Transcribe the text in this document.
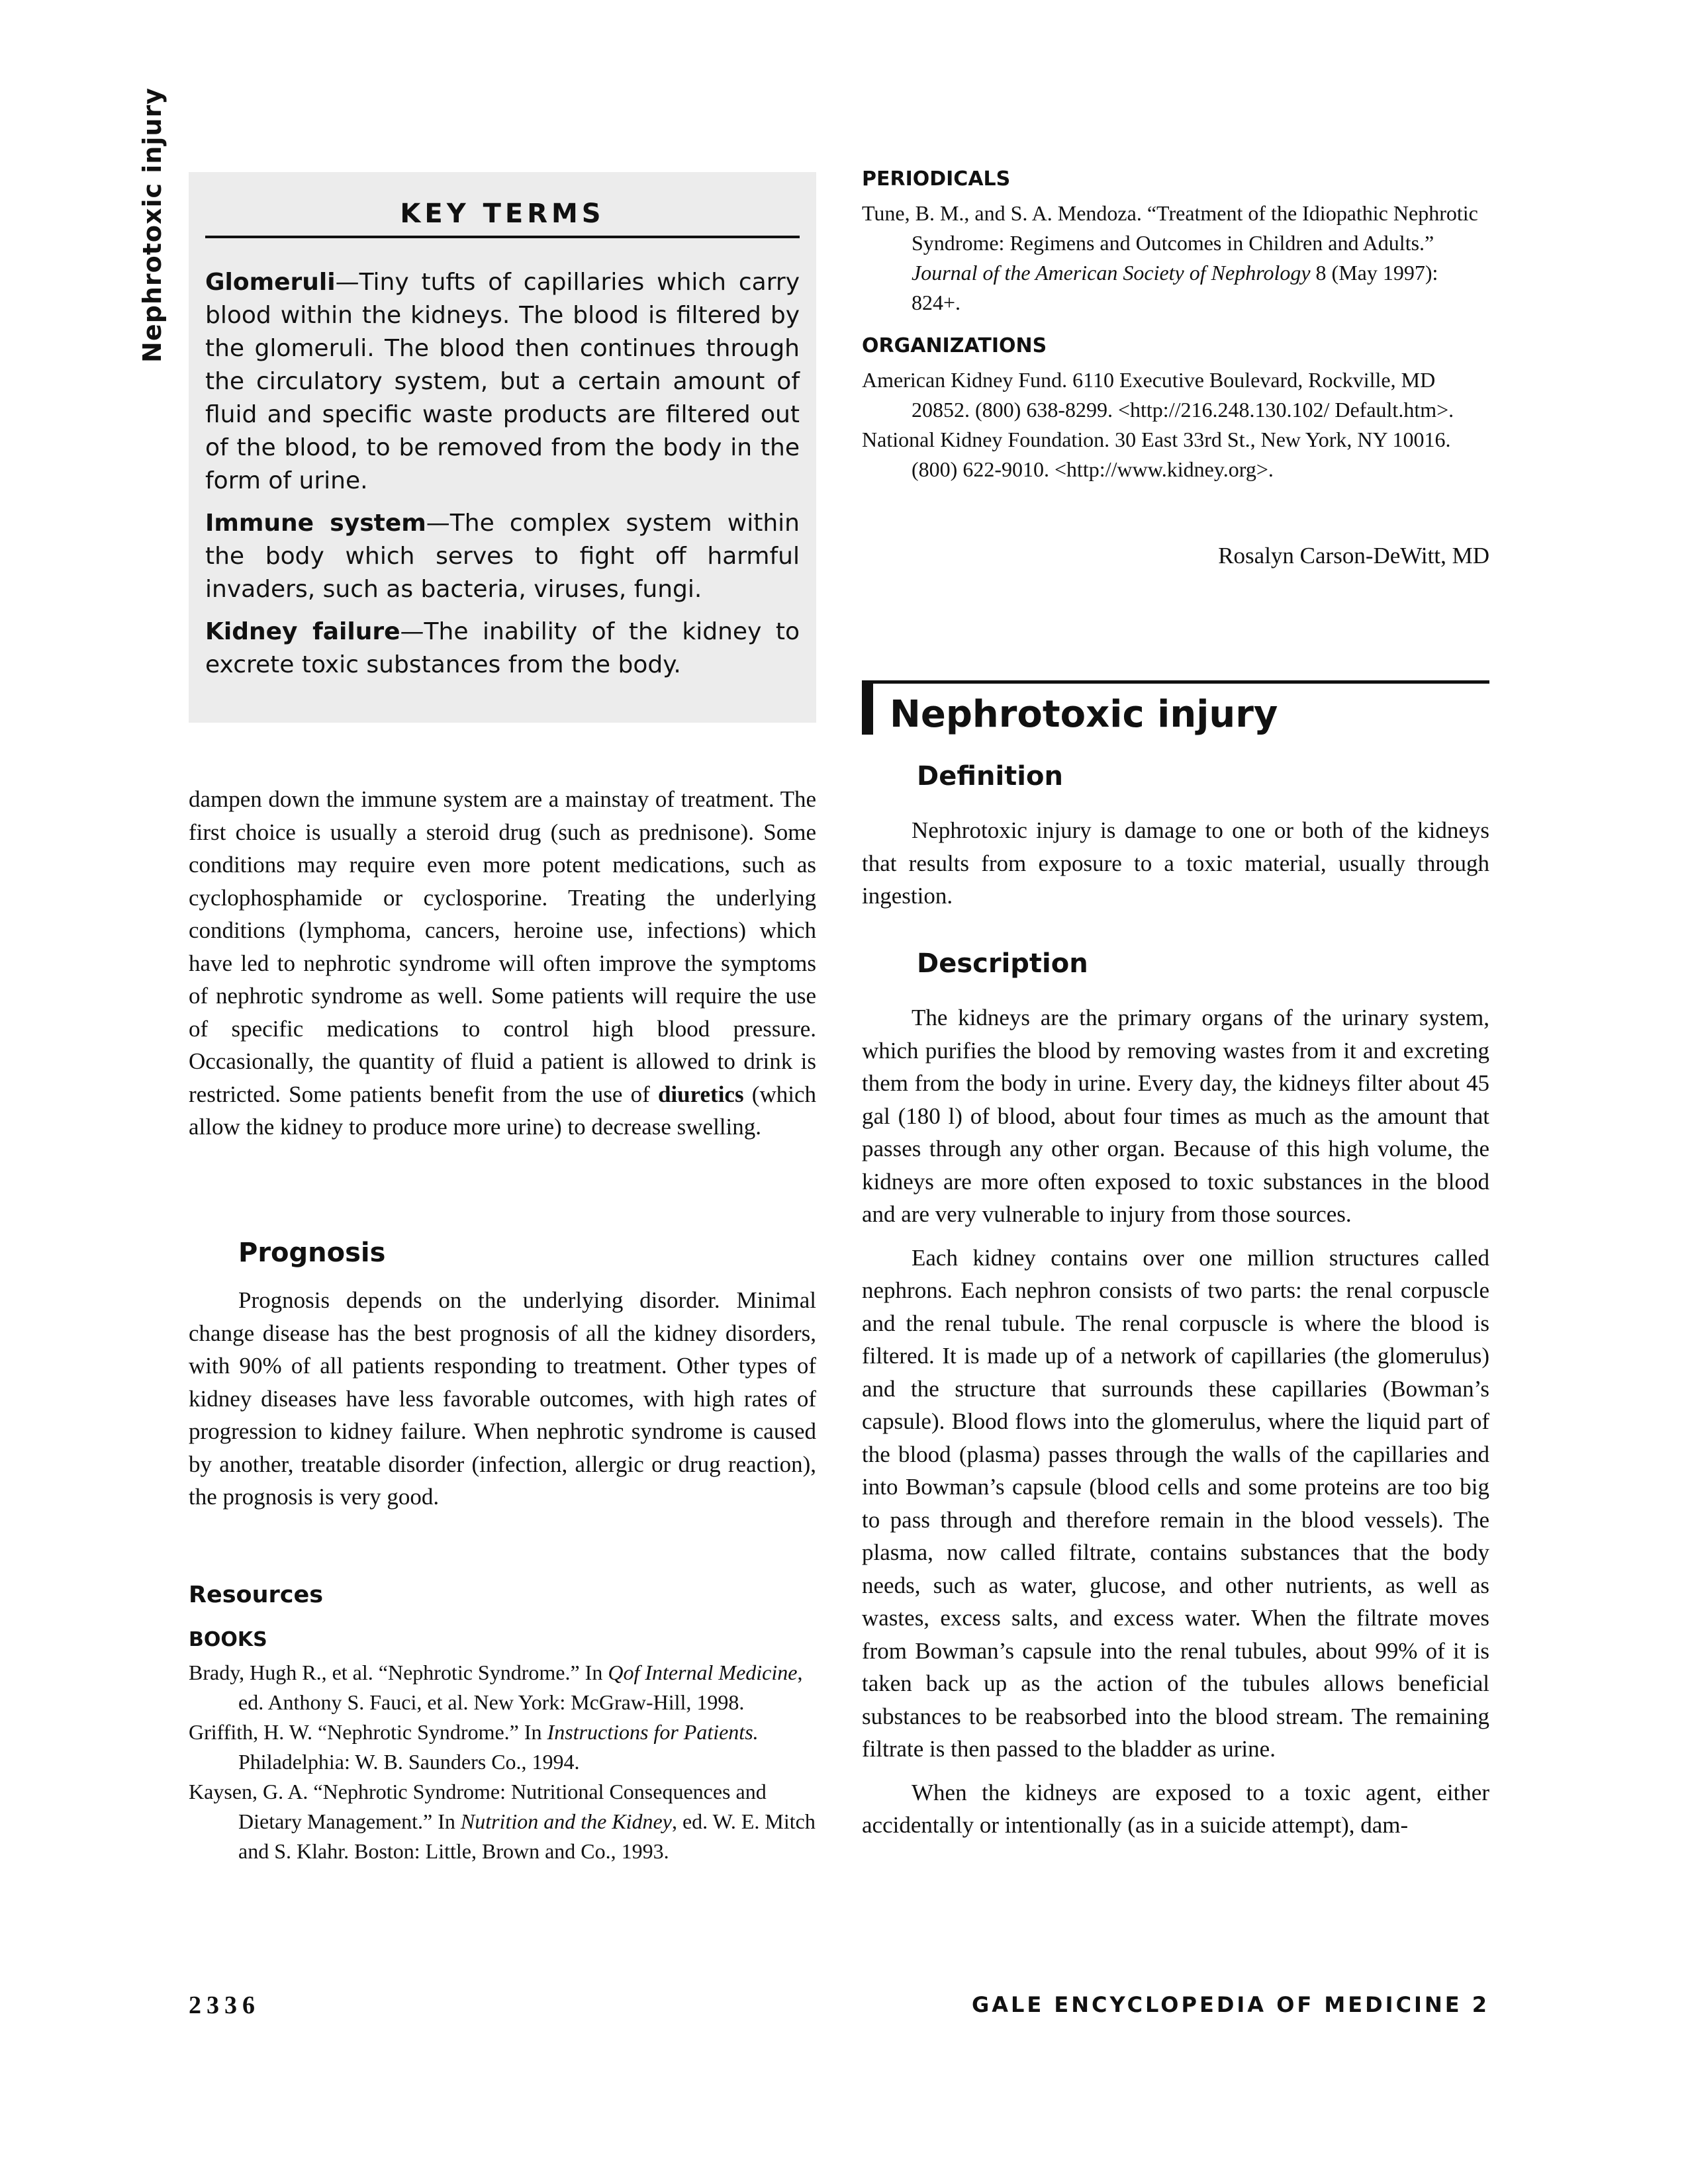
Nephrotoxic injury	KEY TERMS

Glomeruli—Tiny tufts of capillaries which carry blood within the kidneys. The blood is filtered by the glomeruli. The blood then continues through the circulatory system, but a certain amount of fluid and specific waste products are filtered out of the blood, to be removed from the body in the form of urine.

Immune system—The complex system within the body which serves to fight off harmful invaders, such as bacteria, viruses, fungi.

Kidney failure—The inability of the kidney to excrete toxic substances from the body.

dampen down the immune system are a mainstay of treatment. The first choice is usually a steroid drug (such as prednisone). Some conditions may require even more potent medications, such as cyclophosphamide or cyclosporine. Treating the underlying conditions (lymphoma, cancers, heroine use, infections) which have led to nephrotic syndrome will often improve the symptoms of nephrotic syndrome as well. Some patients will require the use of specific medications to control high blood pressure. Occasionally, the quantity of fluid a patient is allowed to drink is restricted. Some patients benefit from the use of diuretics (which allow the kidney to produce more urine) to decrease swelling.

Prognosis

Prognosis depends on the underlying disorder. Minimal change disease has the best prognosis of all the kidney disorders, with 90% of all patients responding to treatment. Other types of kidney diseases have less favorable outcomes, with high rates of progression to kidney failure. When nephrotic syndrome is caused by another, treatable disorder (infection, allergic or drug reaction), the prognosis is very good.

Resources
BOOKS

Brady, Hugh R., et al. “Nephrotic Syndrome.” In Qof Internal Medicine, ed. Anthony S. Fauci, et al. New York: McGraw-Hill, 1998.

Griffith, H. W. “Nephrotic Syndrome.” In Instructions for Patients. Philadelphia: W. B. Saunders Co., 1994.

Kaysen, G. A. “Nephrotic Syndrome: Nutritional Consequences and Dietary Management.” In Nutrition and the Kidney, ed. W. E. Mitch and S. Klahr. Boston: Little, Brown and Co., 1993.

PERIODICALS

Tune, B. M., and S. A. Mendoza. “Treatment of the Idiopathic Nephrotic Syndrome: Regimens and Outcomes in Children and Adults.” Journal of the American Society of Nephrology 8 (May 1997): 824+.

ORGANIZATIONS

American Kidney Fund. 6110 Executive Boulevard, Rockville, MD 20852. (800) 638-8299. <http://216.248.130.102/ Default.htm>.

National Kidney Foundation. 30 East 33rd St., New York, NY 10016. (800) 622-9010. <http://www.kidney.org>.

Rosalyn Carson-DeWitt, MD
Nephrotoxic injury
Definition

Nephrotoxic injury is damage to one or both of the kidneys that results from exposure to a toxic material, usually through ingestion.

Description

The kidneys are the primary organs of the urinary system, which purifies the blood by removing wastes from it and excreting them from the body in urine. Every day, the kidneys filter about 45 gal (180 l) of blood, about four times as much as the amount that passes through any other organ. Because of this high volume, the kidneys are more often exposed to toxic substances in the blood and are very vulnerable to injury from those sources.

Each kidney contains over one million structures called nephrons. Each nephron consists of two parts: the renal corpuscle and the renal tubule. The renal corpuscle is where the blood is filtered. It is made up of a network of capillaries (the glomerulus) and the structure that surrounds these capillaries (Bowman’s capsule). Blood flows into the glomerulus, where the liquid part of the blood (plasma) passes through the walls of the capillaries and into Bowman’s capsule (blood cells and some proteins are too big to pass through and therefore remain in the blood vessels). The plasma, now called filtrate, contains substances that the body needs, such as water, glucose, and other nutrients, as well as wastes, excess salts, and excess water. When the filtrate moves from Bowman’s capsule into the renal tubules, about 99% of it is taken back up as the action of the tubules allows beneficial substances to be reabsorbed into the blood stream. The remaining filtrate is then passed to the bladder as urine.

When the kidneys are exposed to a toxic agent, either accidentally or intentionally (as in a suicide attempt), dam-

2336	GALE ENCYCLOPEDIA OF MEDICINE 2
